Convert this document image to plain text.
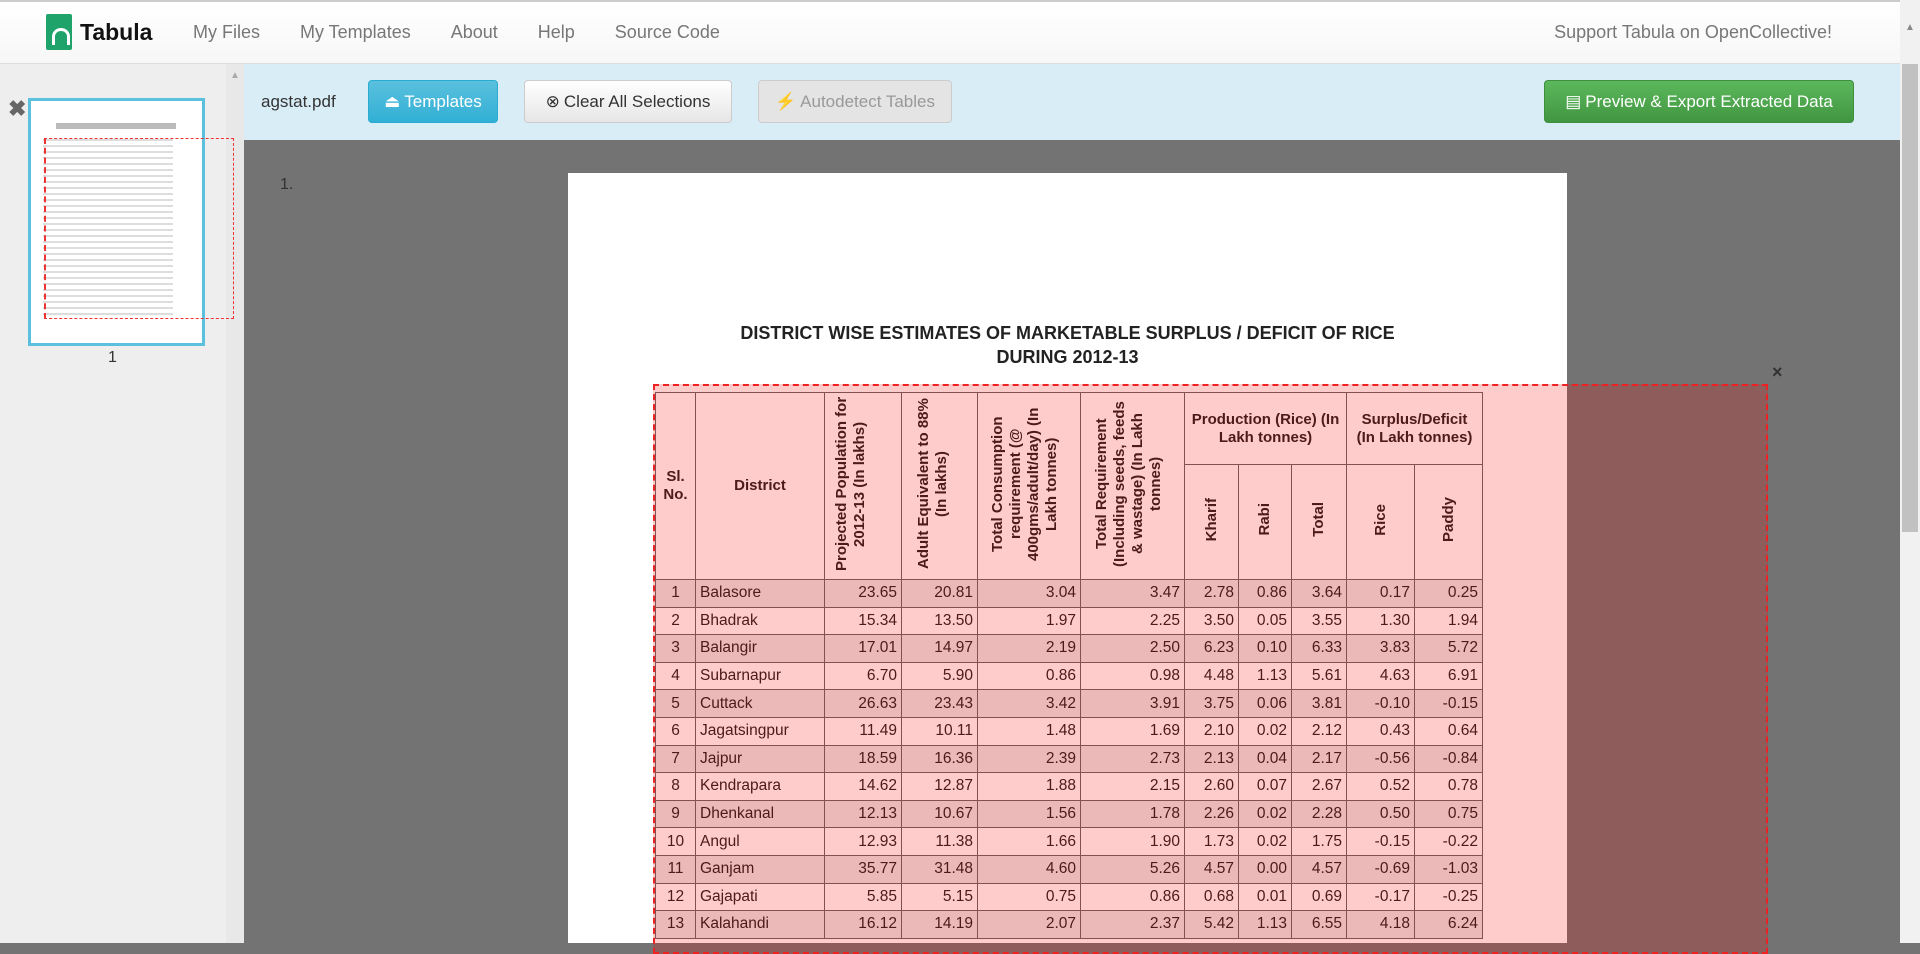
Tabula My Files My Templates About Help Source Code	Support Tabula on OpenCollective!
▲
✖
1
agstat.pdf	⏏ Templates	⊗ Clear All Selections	⚡ Autodetect Tables	▤ Preview & Export Extracted Data
1.
DISTRICT WISE ESTIMATES OF MARKETABLE SURPLUS / DEFICIT OF RICE
DURING 2012-13
Sl. No.	District	Projected Population for 2012-13 (In lakhs)	Adult Equivalent to 88% (In lakhs)	Total Consumption requirement (@ 400gms/adult/day) (In Lakh tonnes)	Total Requirement (Including seeds, feeds & wastage) (In Lakh tonnes)	Production (Rice) (In Lakh tonnes)			Surplus/Deficit (In Lakh tonnes)	
						Kharif	Rabi	Total	Rice	Paddy
1	Balasore	23.65	20.81	3.04	3.47	2.78	0.86	3.64	0.17	0.25
2	Bhadrak	15.34	13.50	1.97	2.25	3.50	0.05	3.55	1.30	1.94
3	Balangir	17.01	14.97	2.19	2.50	6.23	0.10	6.33	3.83	5.72
4	Subarnapur	6.70	5.90	0.86	0.98	4.48	1.13	5.61	4.63	6.91
5	Cuttack	26.63	23.43	3.42	3.91	3.75	0.06	3.81	-0.10	-0.15
6	Jagatsingpur	11.49	10.11	1.48	1.69	2.10	0.02	2.12	0.43	0.64
7	Jajpur	18.59	16.36	2.39	2.73	2.13	0.04	2.17	-0.56	-0.84
8	Kendrapara	14.62	12.87	1.88	2.15	2.60	0.07	2.67	0.52	0.78
9	Dhenkanal	12.13	10.67	1.56	1.78	2.26	0.02	2.28	0.50	0.75
10	Angul	12.93	11.38	1.66	1.90	1.73	0.02	1.75	-0.15	-0.22
11	Ganjam	35.77	31.48	4.60	5.26	4.57	0.00	4.57	-0.69	-1.03
12	Gajapati	5.85	5.15	0.75	0.86	0.68	0.01	0.69	-0.17	-0.25
13	Kalahandi	16.12	14.19	2.07	2.37	5.42	1.13	6.55	4.18	6.24
×
▲
